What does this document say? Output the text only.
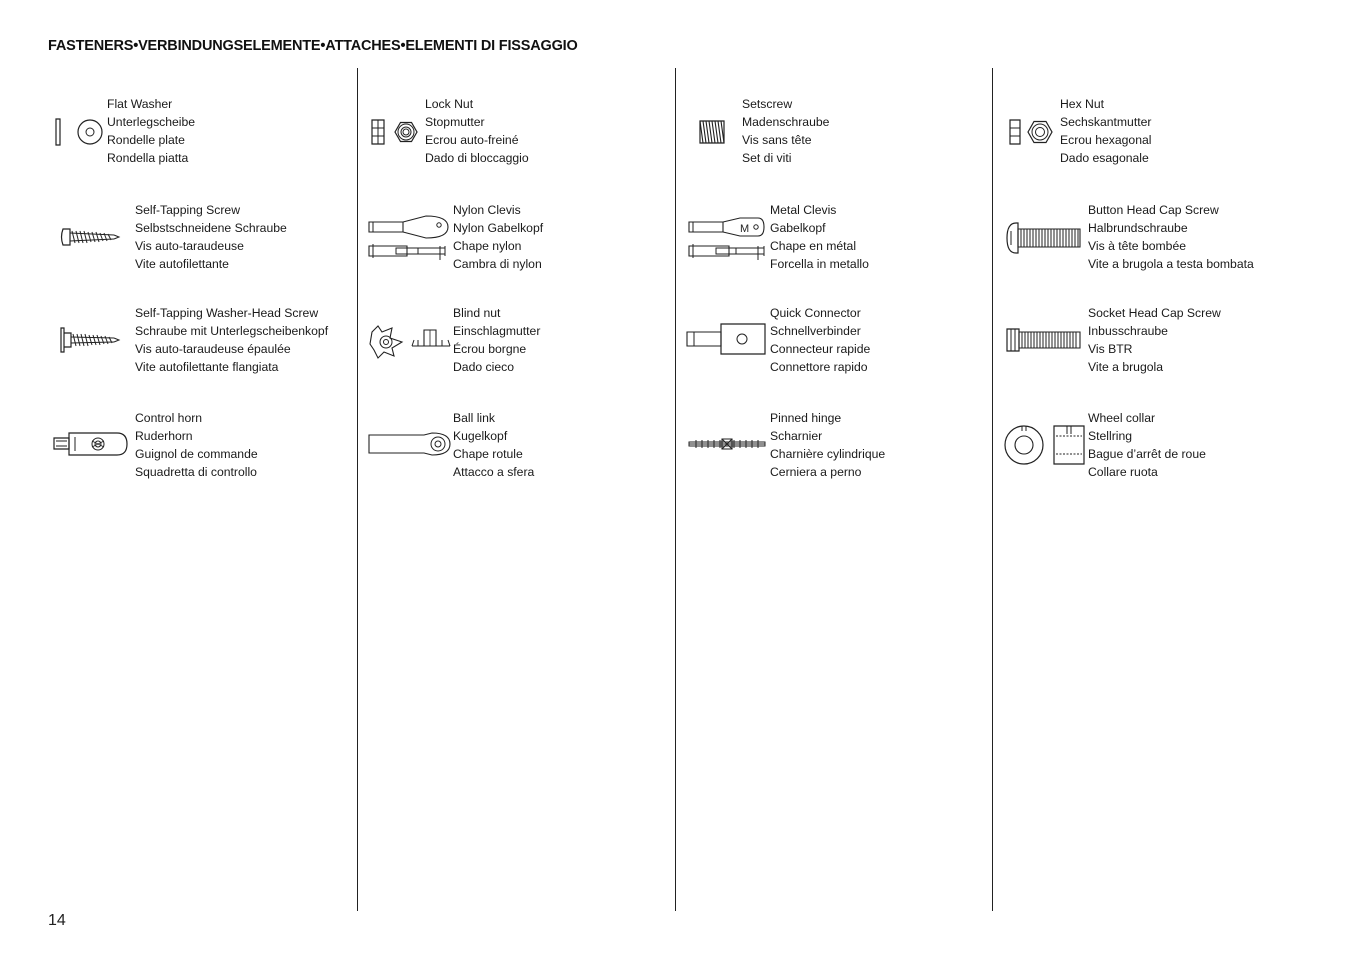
FASTENERS•VERBINDUNGSELEMENTE•ATTACHES•ELEMENTI DI FISSAGGIO
Flat Washer
Unterlegscheibe
Rondelle plate
Rondella piatta
Self-Tapping Screw
Selbstschneidene Schraube
Vis auto-taraudeuse
Vite autofilettante
Self-Tapping Washer-Head Screw
Schraube mit Unterlegscheibenkopf
Vis auto-taraudeuse épaulée
Vite autofilettante flangiata
Control horn
Ruderhorn
Guignol de commande
Squadretta di controllo
Lock Nut
Stopmutter
Ecrou auto-freiné
Dado di bloccaggio
Nylon Clevis
Nylon Gabelkopf
Chape nylon
Cambra di nylon
Blind nut
Einschlagmutter
Écrou borgne
Dado cieco
Ball link
Kugelkopf
Chape rotule
Attacco a sfera
Setscrew
Madenschraube
Vis sans tête
Set di viti
M
Metal Clevis
Gabelkopf
Chape en métal
Forcella in metallo
Quick Connector
Schnellverbinder
Connecteur rapide
Connettore rapido
Pinned hinge
Scharnier
Charnière cylindrique
Cerniera a perno
Hex Nut
Sechskantmutter
Ecrou hexagonal
Dado esagonale
Button Head Cap Screw
Halbrundschraube
Vis à tête bombée
Vite a brugola a testa bombata
Socket Head Cap Screw
Inbusschraube
Vis BTR
Vite a brugola
Wheel collar
Stellring
Bague d’arrêt de roue
Collare ruota
14
